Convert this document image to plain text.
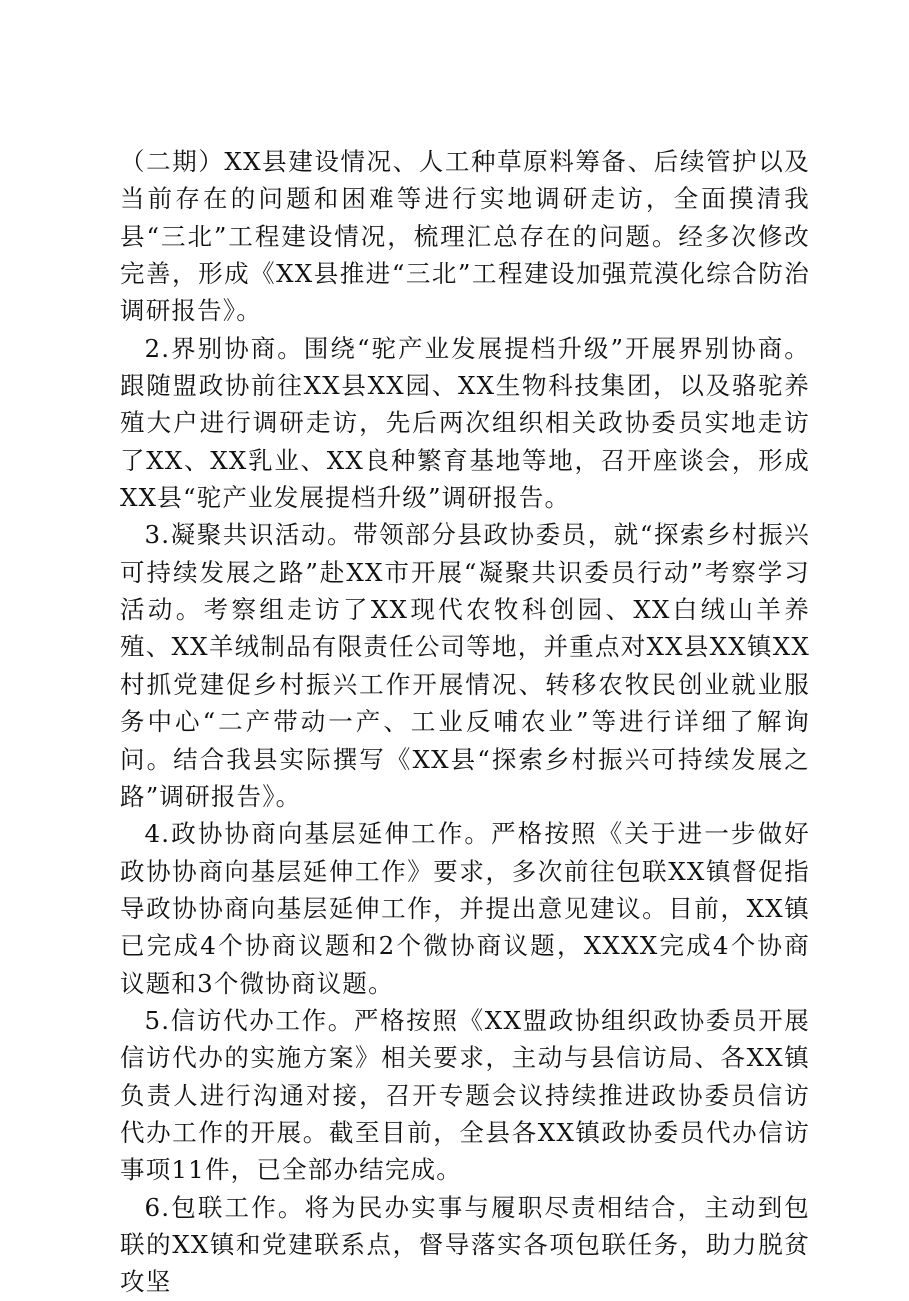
（二期）XX县建设情况、人工种草原料筹备、后续管护以及当前存在的问题和困难等进行实地调研走访，全面摸清我县“三北”工程建设情况，梳理汇总存在的问题。经多次修改完善，形成《XX县推进“三北”工程建设加强荒漠化综合防治调研报告》。

2.界别协商。围绕“驼产业发展提档升级”开展界别协商。跟随盟政协前往XX县XX园、XX生物科技集团，以及骆驼养殖大户进行调研走访，先后两次组织相关政协委员实地走访了XX、XX乳业、XX良种繁育基地等地，召开座谈会，形成XX县“驼产业发展提档升级”调研报告。

3.凝聚共识活动。带领部分县政协委员，就“探索乡村振兴可持续发展之路”赴XX市开展“凝聚共识委员行动”考察学习活动。考察组走访了XX现代农牧科创园、XX白绒山羊养殖、XX羊绒制品有限责任公司等地，并重点对XX县XX镇XX村抓党建促乡村振兴工作开展情况、转移农牧民创业就业服务中心“二产带动一产、工业反哺农业”等进行详细了解询问。结合我县实际撰写《XX县“探索乡村振兴可持续发展之路”调研报告》。

4.政协协商向基层延伸工作。严格按照《关于进一步做好政协协商向基层延伸工作》要求，多次前往包联XX镇督促指导政协协商向基层延伸工作，并提出意见建议。目前，XX镇已完成4个协商议题和2个微协商议题，XXXX完成4个协商议题和3个微协商议题。

5.信访代办工作。严格按照《XX盟政协组织政协委员开展信访代办的实施方案》相关要求，主动与县信访局、各XX镇负责人进行沟通对接，召开专题会议持续推进政协委员信访代办工作的开展。截至目前，全县各XX镇政协委员代办信访事项11件，已全部办结完成。

6.包联工作。将为民办实事与履职尽责相结合，主动到包联的XX镇和党建联系点，督导落实各项包联任务，助力脱贫攻坚
